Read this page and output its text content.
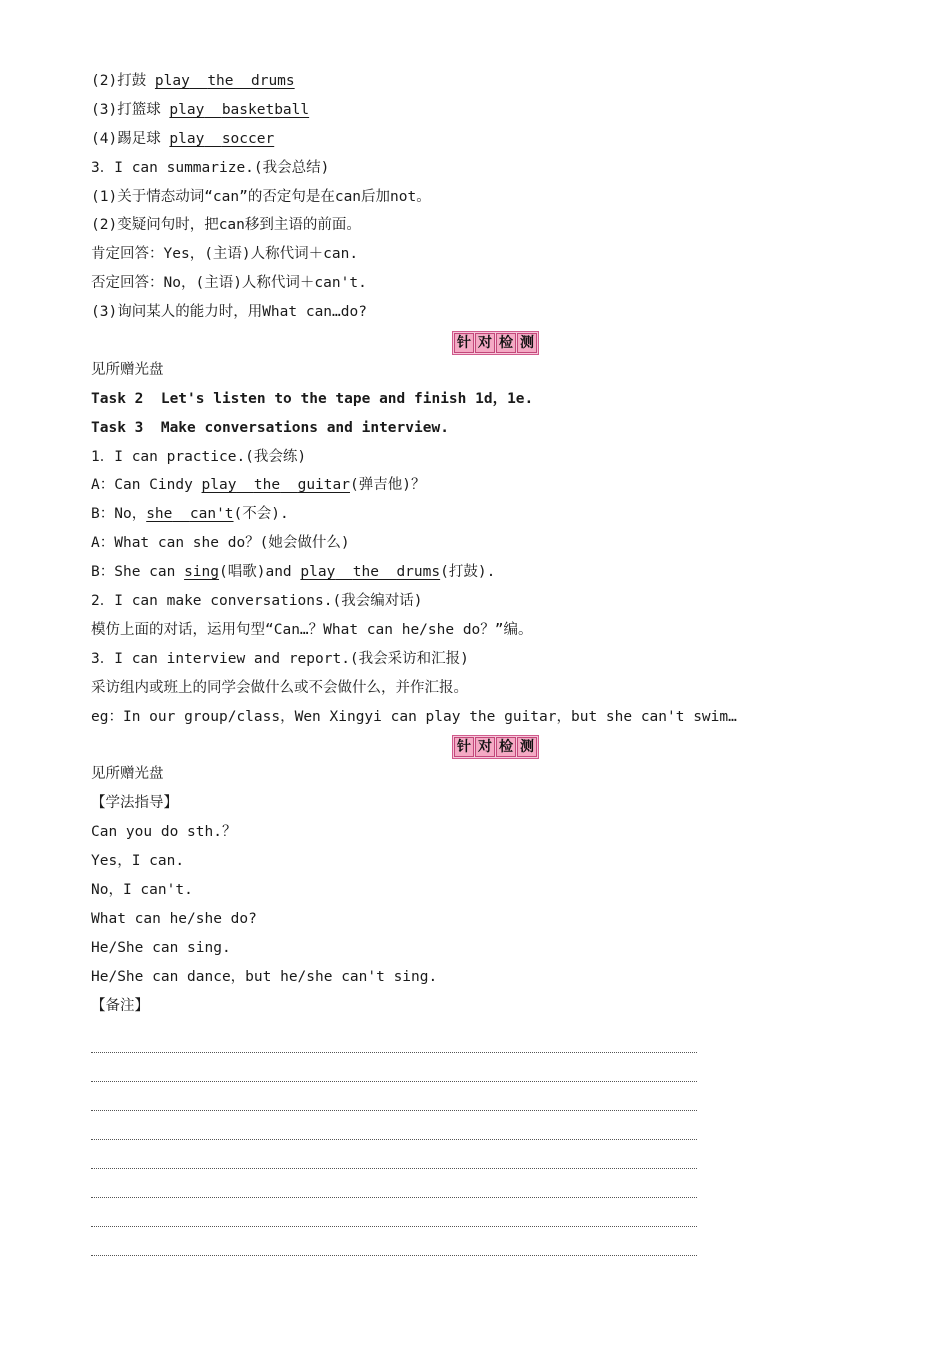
(2)打鼓 play the drums
(3)打篮球 play basketball
(4)踢足球 play soccer
3．I can summarize.(我会总结)
(1)关于情态动词“can”的否定句是在can后加not。
(2)变疑问句时，把can移到主语的前面。
肯定回答：Yes，(主语)人称代词＋can.
否定回答：No，(主语)人称代词＋can't.
(3)询问某人的能力时，用What can…do?
针 对 检 测
见所赠光盘
Task 2  Let's listen to the tape and finish 1d，1e.
Task 3  Make conversations and interview.
1．I can practice.(我会练)
A：Can Cindy play the guitar(弹吉他)？
B：No，she can't(不会).
A：What can she do？(她会做什么)
B：She can sing(唱歌)and play the drums(打鼓).
2．I can make conversations.(我会编对话)
模仿上面的对话，运用句型“Can…？What can he/she do？”编。
3．I can interview and report.(我会采访和汇报)
采访组内或班上的同学会做什么或不会做什么，并作汇报。
eg：In our group/class，Wen Xingyi can play the guitar，but she can't swim…
针 对 检 测
见所赠光盘
【学法指导】
Can you do sth.？
Yes，I can.
No，I can't.
What can he/she do?
He/She can sing.
He/She can dance，but he/she can't sing.
【备注】
